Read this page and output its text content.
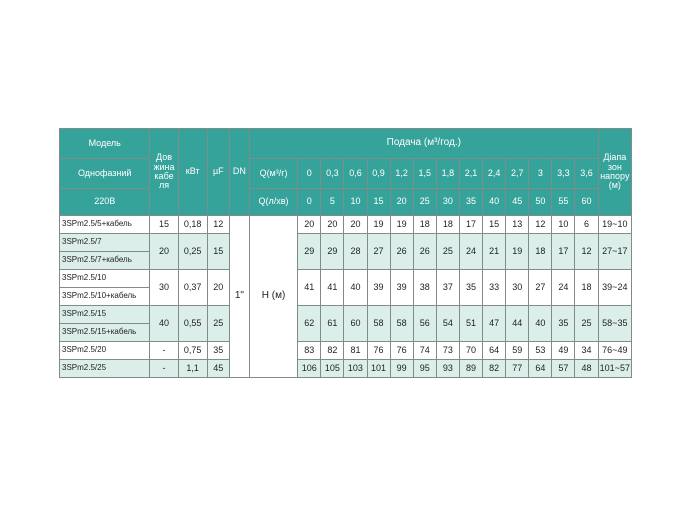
Модель	Дов жина кабе ля	кВт	µF	DN	Подача (м³/год.)														Діапа зон напору (м)
Однофазний					Q(м³/г)	0	0,3	0,6	0,9	1,2	1,5	1,8	2,1	2,4	2,7	3	3,3	3,6	
220В					Q(л/хв)	0	5	10	15	20	25	30	35	40	45	50	55	60	
3SPm2.5/5+кабель	15	0,18	12	1"	H (м)	20	20	20	19	19	18	18	17	15	13	12	10	6	19~10
3SPm2.5/7	20	0,25	15			29	29	28	27	26	26	25	24	21	19	18	17	12	27~17
3SPm2.5/7+кабель																			
3SPm2.5/10	30	0,37	20			41	41	40	39	39	38	37	35	33	30	27	24	18	39~24
3SPm2.5/10+кабель																			
3SPm2.5/15	40	0,55	25			62	61	60	58	58	56	54	51	47	44	40	35	25	58~35
3SPm2.5/15+кабель																			
3SPm2.5/20	-	0,75	35			83	82	81	76	76	74	73	70	64	59	53	49	34	76~49
3SPm2.5/25	-	1,1	45			106	105	103	101	99	95	93	89	82	77	64	57	48	101~57
